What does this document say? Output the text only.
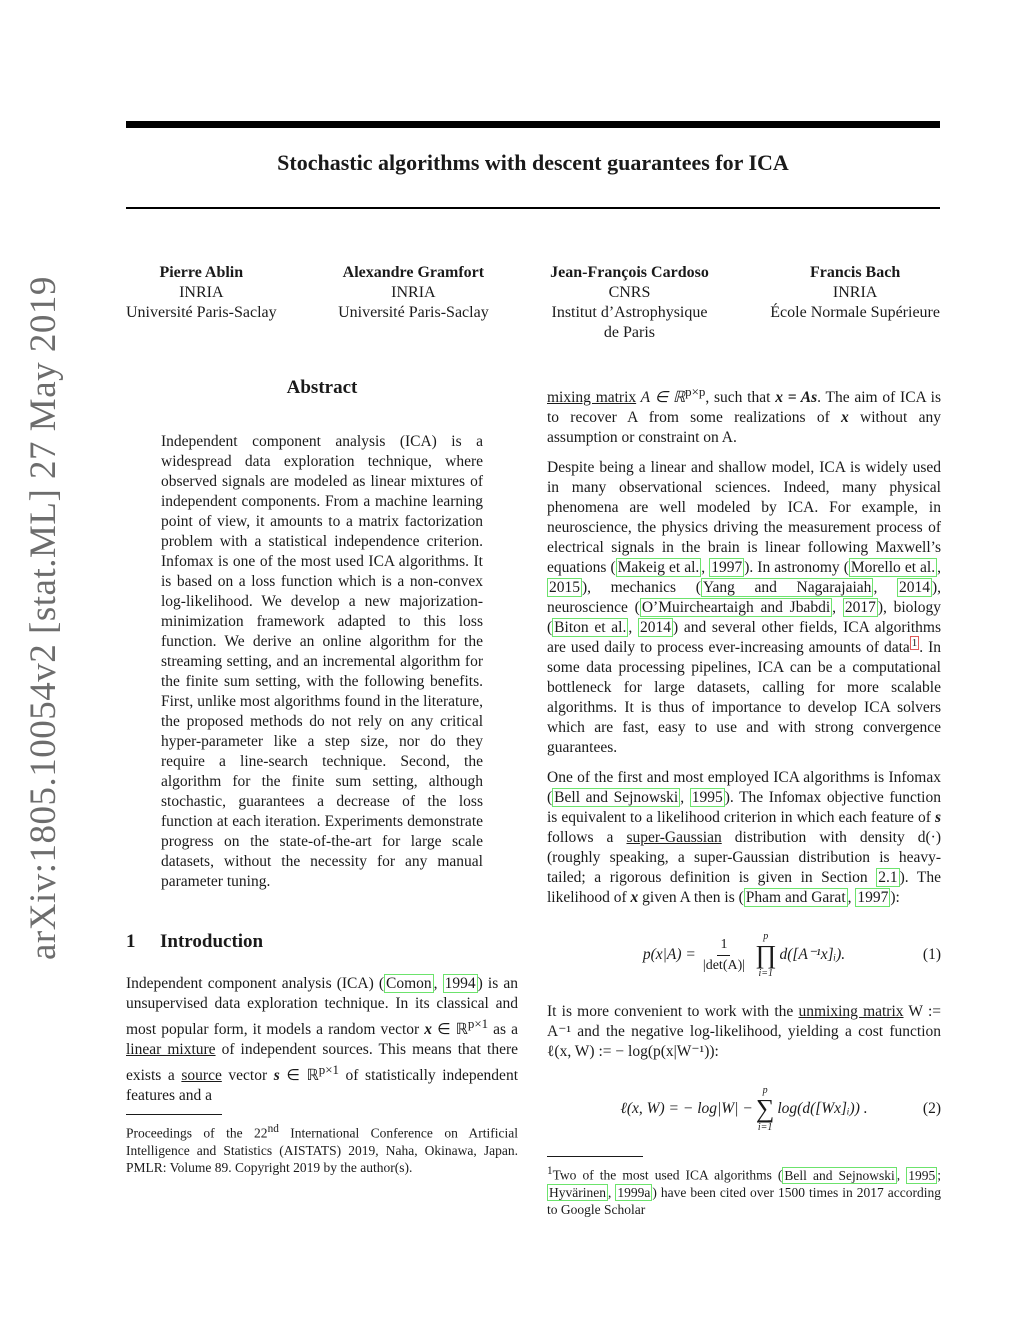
arXiv:1805.10054v2 [stat.ML] 27 May 2019
Stochastic algorithms with descent guarantees for ICA
Pierre Ablin
INRIA
Université Paris-Saclay
Alexandre Gramfort
INRIA
Université Paris-Saclay
Jean-François Cardoso
CNRS
Institut d’Astrophysique
de Paris
Francis Bach
INRIA
École Normale Supérieure
Abstract

Independent component analysis (ICA) is a widespread data exploration technique, where observed signals are modeled as linear mixtures of independent components. From a machine learning point of view, it amounts to a matrix factorization problem with a statistical independence criterion. Infomax is one of the most used ICA algorithms. It is based on a loss function which is a non-convex log-likelihood. We develop a new majorization-minimization framework adapted to this loss function. We derive an online algorithm for the streaming setting, and an incremental algorithm for the finite sum setting, with the following benefits. First, unlike most algorithms found in the literature, the proposed methods do not rely on any critical hyper-parameter like a step size, nor do they require a line-search technique. Second, the algorithm for the finite sum setting, although stochastic, guarantees a decrease of the loss function at each iteration. Experiments demonstrate progress on the state-of-the-art for large scale datasets, without the necessity for any manual parameter tuning.

1 Introduction

Independent component analysis (ICA) ( Comon , 1994 ) is an unsupervised data exploration technique. In its classical and most popular form, it models a random vector x ∈ ℝ$^{p\times 1}$ as a linear mixture of independent sources. This means that there exists a source vector s ∈ ℝ$^{p\times 1}$ of statistically independent features and a

Proceedings of the 22nd International Conference on Artificial Intelligence and Statistics (AISTATS) 2019, Naha, Okinawa, Japan. PMLR: Volume 89. Copyright 2019 by the author(s).

mixing matrix A ∈ ℝ$^{p\times p}$, such that x = As. The aim of ICA is to recover A from some realizations of x without any assumption or constraint on A.

Despite being a linear and shallow model, ICA is widely used in many observational sciences. Indeed, many physical phenomena are well modeled by ICA. For example, in neuroscience, the physics driving the measurement process of electrical signals in the brain is linear following Maxwell’s equations ( Makeig et al. , 1997 ). In astronomy ( Morello et al. , 2015 ), mechanics ( Yang and Nagarajaiah , 2014 ), neuroscience ( O’Muircheartaigh and Jbabdi , 2017 ), biology ( Biton et al. , 2014 ) and several other fields, ICA algorithms are used daily to process ever-increasing amounts of data $^1$ . In some data processing pipelines, ICA can be a computational bottleneck for large datasets, calling for more scalable algorithms. It is thus of importance to develop ICA solvers which are fast, easy to use and with strong convergence guarantees.

One of the first and most employed ICA algorithms is Infomax ( Bell and Sejnowski , 1995 ). The Infomax objective function is equivalent to a likelihood criterion in which each feature of s follows a super-Gaussian distribution with density d(·) (roughly speaking, a super-Gaussian distribution is heavy-tailed; a rigorous definition is given in Section 2.1 ). The likelihood of x given A then is ( Pham and Garat , 1997 ):

$p(x|A) = \frac{1}{|\det(A)|}$ p
∏
i=1
d([A⁻¹x]ᵢ).	(1)

It is more convenient to work with the unmixing matrix W := A⁻¹ and the negative log-likelihood, yielding a cost function ℓ(x, W) := − log(p(x|W⁻¹)):

ℓ(x, W) = − log|W| −
p
∑
i=1
log(d([Wx]ᵢ)) .	(2)

$^1$Two of the most used ICA algorithms ( Bell and Sejnowski , 1995 ; Hyvärinen , 1999a ) have been cited over 1500 times in 2017 according to Google Scholar
